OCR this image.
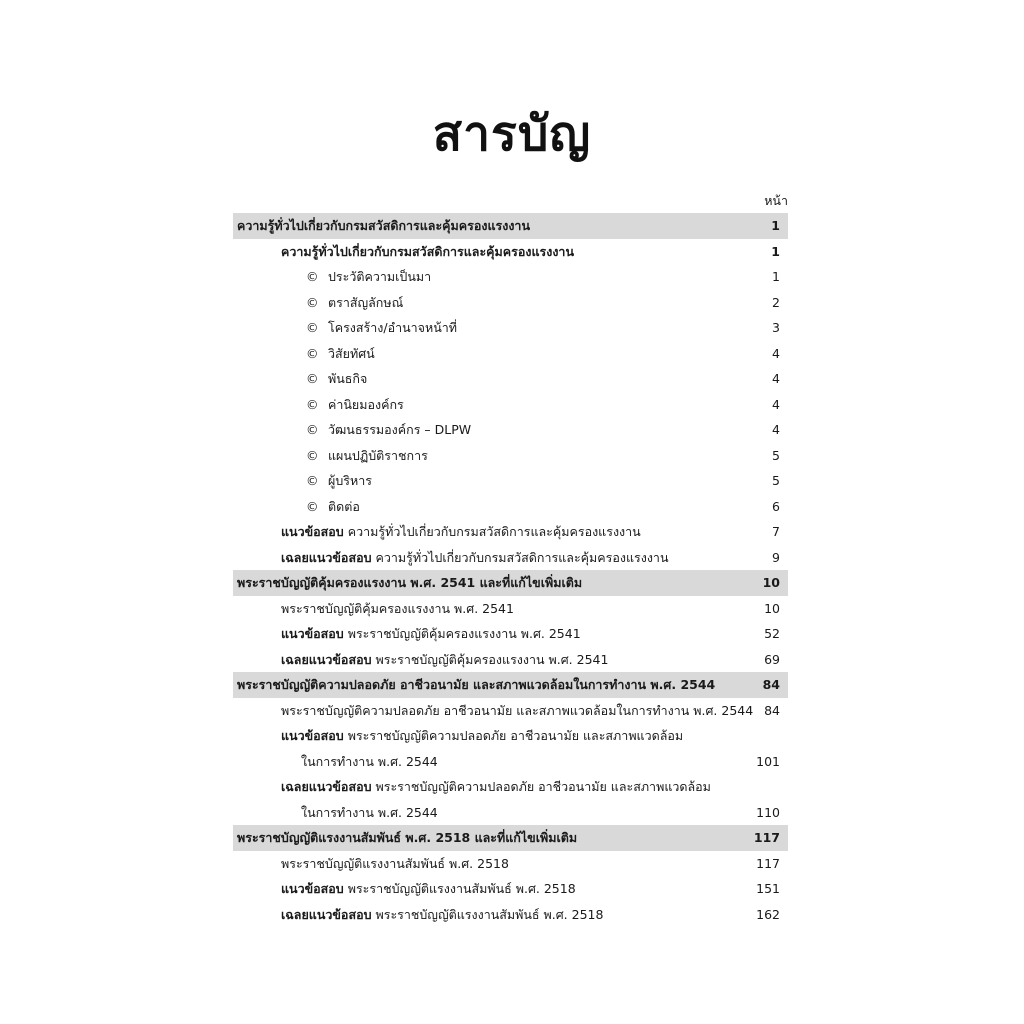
สารบัญ
หน้า
ความรู้ทั่วไปเกี่ยวกับกรมสวัสดิการและคุ้มครองแรงงาน	1
ความรู้ทั่วไปเกี่ยวกับกรมสวัสดิการและคุ้มครองแรงงาน	1
© ประวัติความเป็นมา	1
© ตราสัญลักษณ์	2
© โครงสร้าง/อำนาจหน้าที่	3
© วิสัยทัศน์	4
© พันธกิจ	4
© ค่านิยมองค์กร	4
© วัฒนธรรมองค์กร – DLPW	4
© แผนปฏิบัติราชการ	5
© ผู้บริหาร	5
© ติดต่อ	6
แนวข้อสอบ ความรู้ทั่วไปเกี่ยวกับกรมสวัสดิการและคุ้มครองแรงงาน	7
เฉลยแนวข้อสอบ ความรู้ทั่วไปเกี่ยวกับกรมสวัสดิการและคุ้มครองแรงงาน	9
พระราชบัญญัติคุ้มครองแรงงาน พ.ศ. 2541 และที่แก้ไขเพิ่มเติม	10
พระราชบัญญัติคุ้มครองแรงงาน พ.ศ. 2541	10
แนวข้อสอบ พระราชบัญญัติคุ้มครองแรงงาน พ.ศ. 2541	52
เฉลยแนวข้อสอบ พระราชบัญญัติคุ้มครองแรงงาน พ.ศ. 2541	69
พระราชบัญญัติความปลอดภัย อาชีวอนามัย และสภาพแวดล้อมในการทำงาน พ.ศ. 2544	84
พระราชบัญญัติความปลอดภัย อาชีวอนามัย และสภาพแวดล้อมในการทำงาน พ.ศ. 2544 84
แนวข้อสอบ พระราชบัญญัติความปลอดภัย อาชีวอนามัย และสภาพแวดล้อม
ในการทำงาน พ.ศ. 2544	101
เฉลยแนวข้อสอบ พระราชบัญญัติความปลอดภัย อาชีวอนามัย และสภาพแวดล้อม
ในการทำงาน พ.ศ. 2544	110
พระราชบัญญัติแรงงานสัมพันธ์ พ.ศ. 2518 และที่แก้ไขเพิ่มเติม	117
พระราชบัญญัติแรงงานสัมพันธ์ พ.ศ. 2518	117
แนวข้อสอบ พระราชบัญญัติแรงงานสัมพันธ์ พ.ศ. 2518	151
เฉลยแนวข้อสอบ พระราชบัญญัติแรงงานสัมพันธ์ พ.ศ. 2518	162
